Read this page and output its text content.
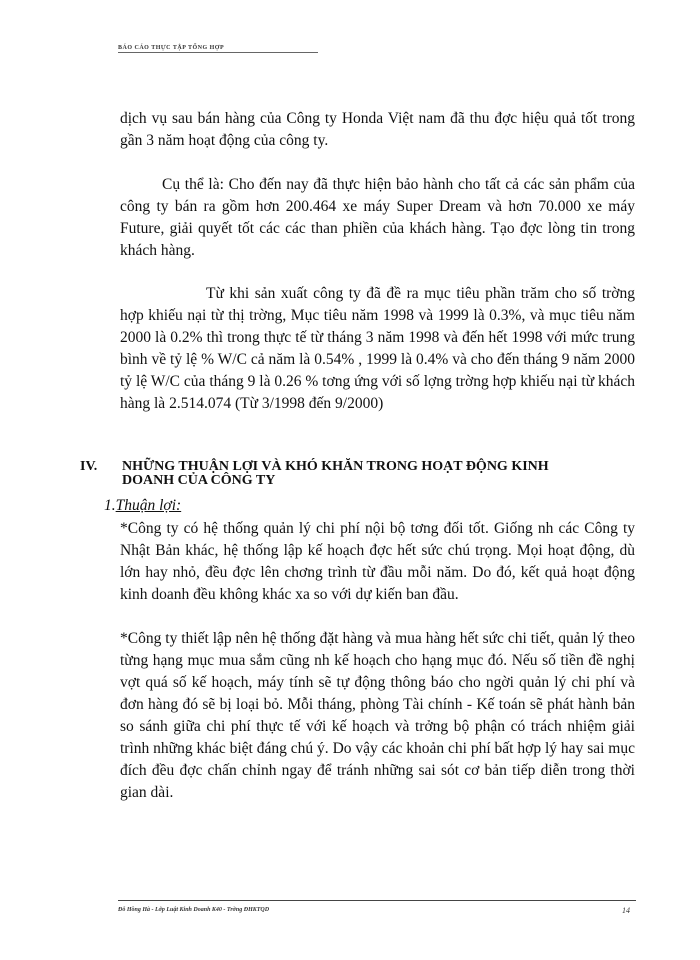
BÁO CÁO THỰC TẬP TỔNG HỢP

dịch vụ sau bán hàng của Công ty Honda Việt nam đã thu đợc hiệu quả tốt trong gần 3 năm hoạt động của công ty.

Cụ thể là: Cho đến nay đã thực hiện bảo hành cho tất cả các sản phẩm của công ty bán ra gồm hơn 200.464 xe máy Super Dream và hơn 70.000 xe máy Future, giải quyết tốt các các than phiền của khách hàng. Tạo đợc lòng tin trong khách hàng.

Từ khi sản xuất công ty đã đề ra mục tiêu phần trăm cho số trờng hợp khiếu nại từ thị trờng, Mục tiêu năm 1998 và 1999 là 0.3%, và mục tiêu năm 2000 là 0.2% thì trong thực tế từ tháng 3 năm 1998 và đến hết 1998 với mức trung bình về tỷ lệ % W/C cả năm là 0.54% , 1999 là 0.4% và cho đến tháng 9 năm 2000 tỷ lệ W/C của tháng 9 là 0.26 % tơng ứng với số lợng trờng hợp khiếu nại từ khách hàng là 2.514.074 (Từ 3/1998 đến 9/2000)

IV. NHỮNG THUẬN LỢI VÀ KHÓ KHĂN TRONG HOẠT ĐỘNG KINH
DOANH CỦA CÔNG TY

1.Thuận lợi:

*Công ty có hệ thống quản lý chi phí nội bộ tơng đối tốt. Giống nh các Công ty Nhật Bản khác, hệ thống lập kế hoạch đợc hết sức chú trọng. Mọi hoạt động, dù lớn hay nhỏ, đều đợc lên chơng trình từ đầu mỗi năm. Do đó, kết quả hoạt động kinh doanh đều không khác xa so với dự kiến ban đầu.

*Công ty thiết lập nên hệ thống đặt hàng và mua hàng hết sức chi tiết, quản lý theo từng hạng mục mua sắm cũng nh kế hoạch cho hạng mục đó. Nếu số tiền đề nghị vợt quá số kế hoạch, máy tính sẽ tự động thông báo cho ngời quản lý chi phí và đơn hàng đó sẽ bị loại bỏ. Mỗi tháng, phòng Tài chính - Kế toán sẽ phát hành bản so sánh giữa chi phí thực tế với kế hoạch và trởng bộ phận có trách nhiệm giải trình những khác biệt đáng chú ý. Do vậy các khoản chi phí bất hợp lý hay sai mục đích đều đợc chấn chỉnh ngay để tránh những sai sót cơ bản tiếp diễn trong thời gian dài.

Đỗ Hồng Hà - Lớp Luật Kinh Doanh K40 - Trờng ĐHKTQD	14
